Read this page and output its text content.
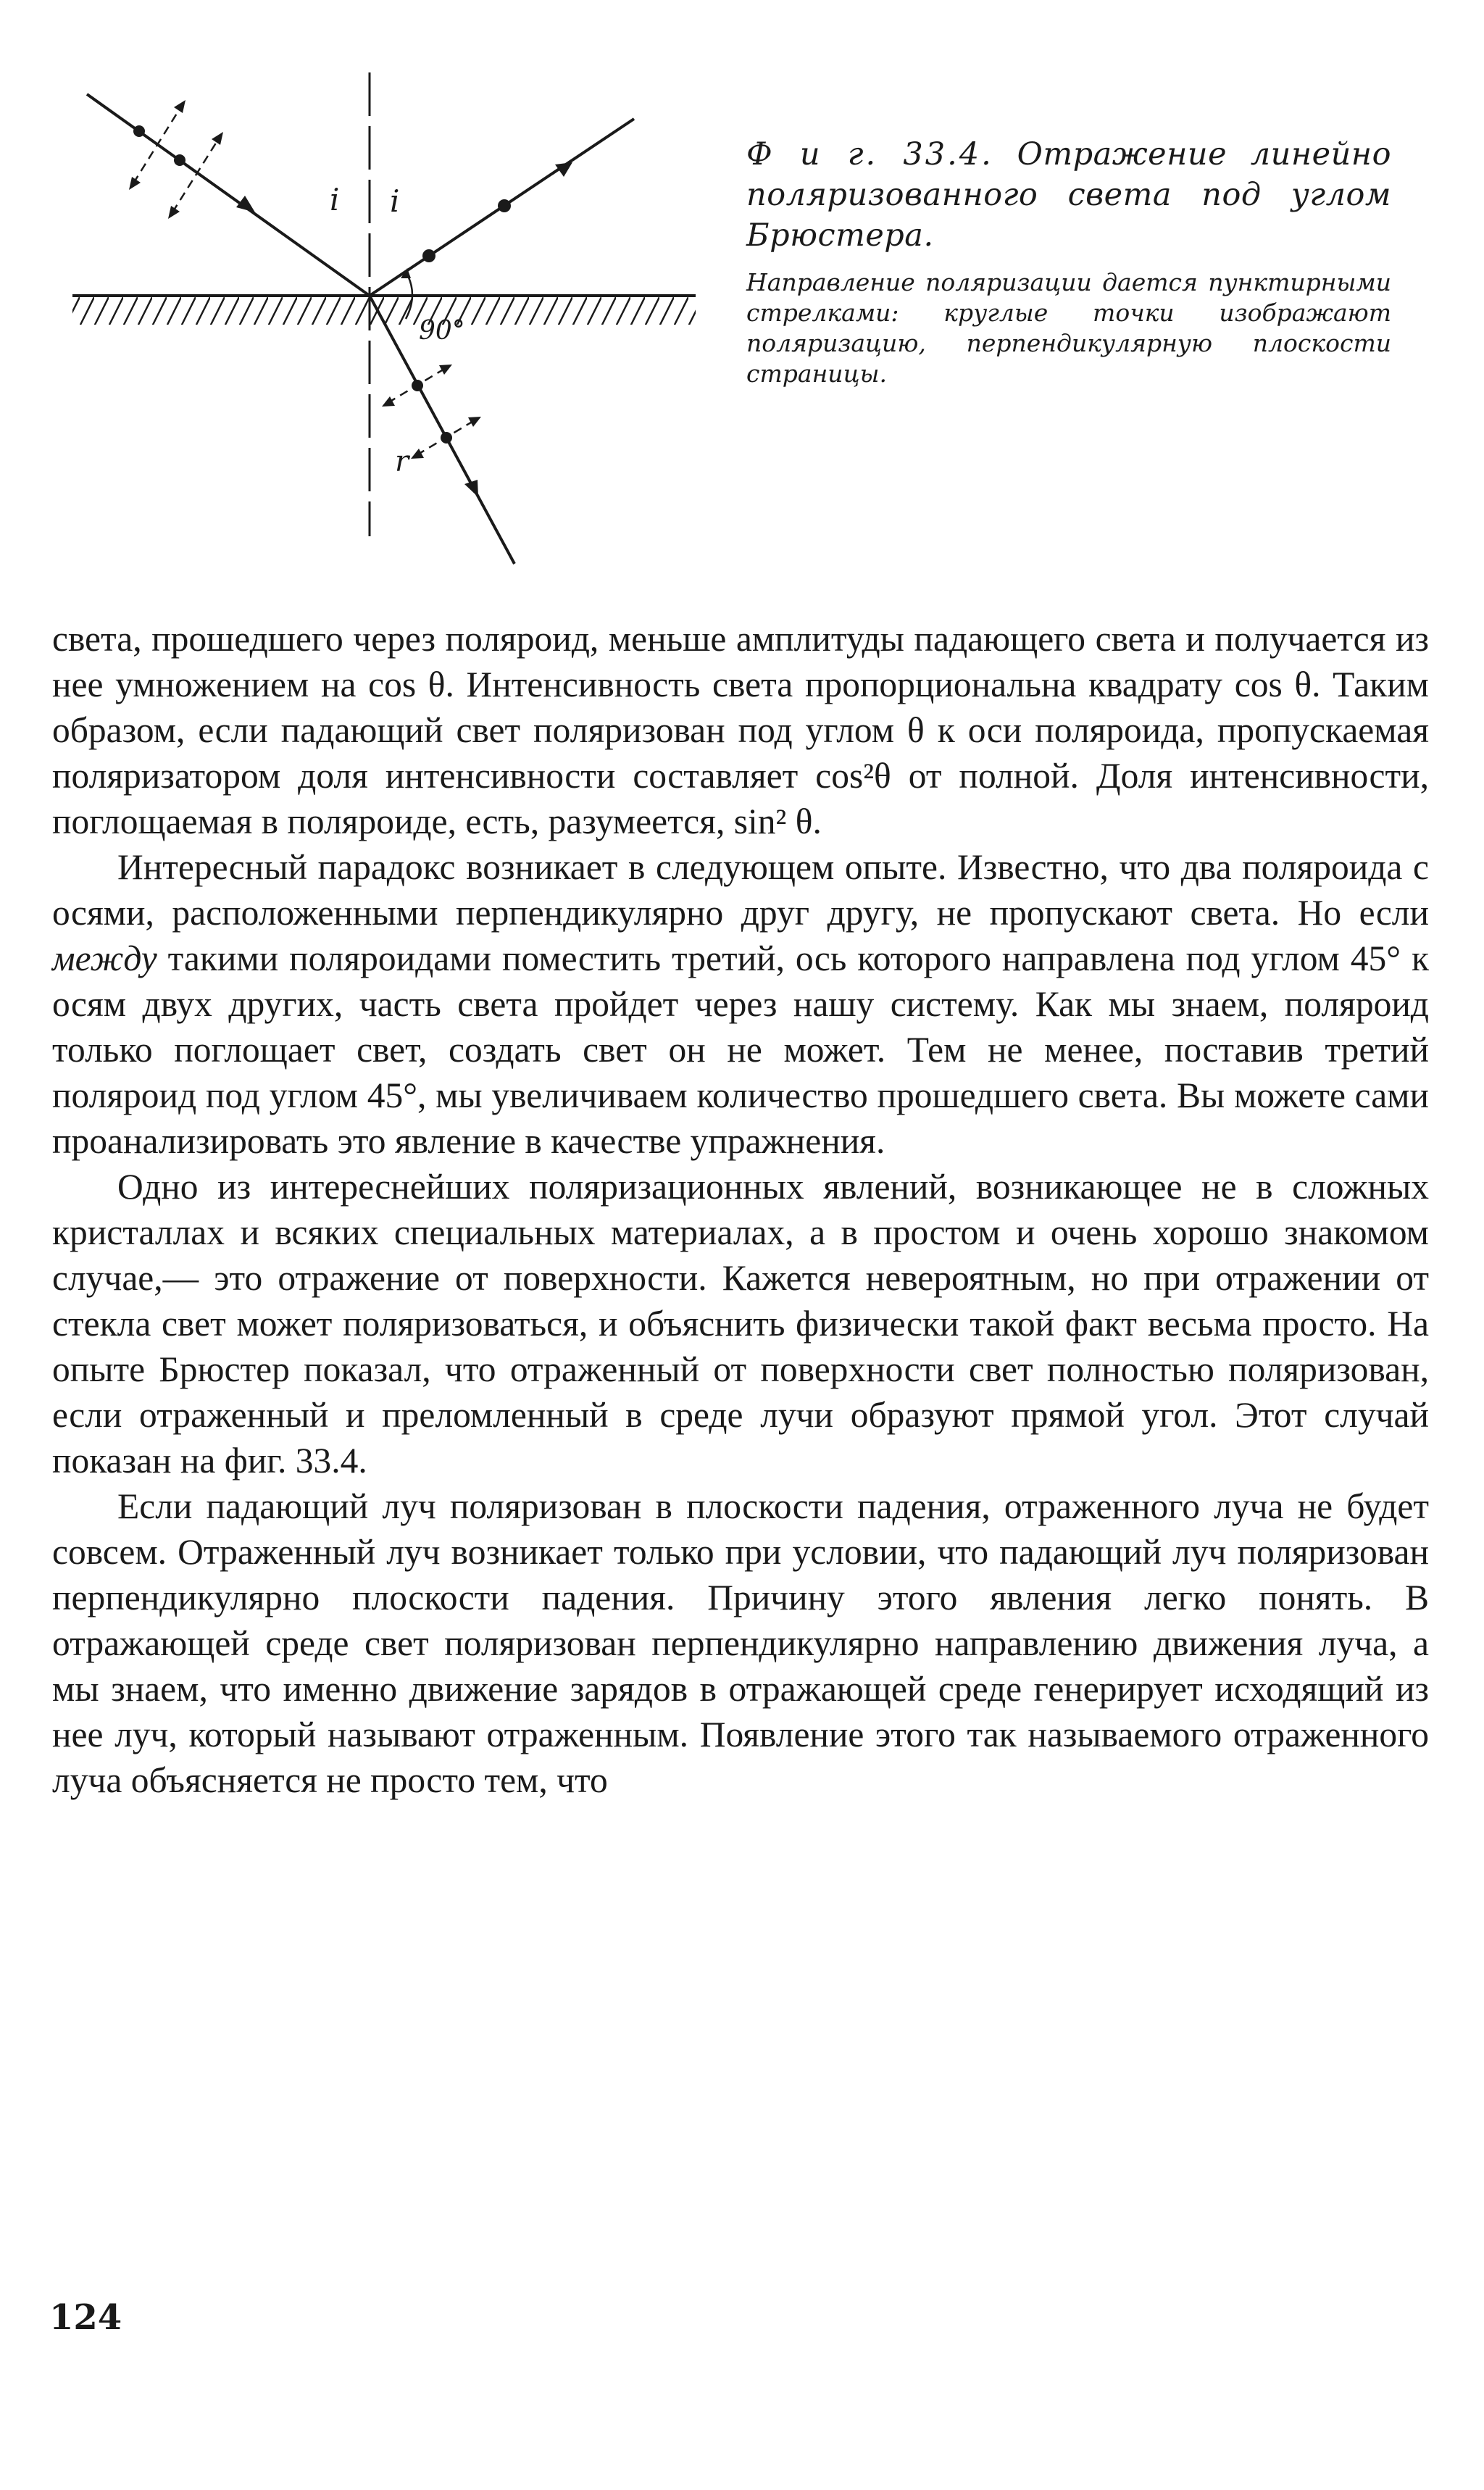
i i
r
90°
Ф и г. 33.4. Отражение линейно поляризованного света под углом Брюстера.
Направление поляризации дается пунктирными стрелками: круглые точки изображают поляризацию, перпендикулярную плоскости страницы.

света, прошедшего через поляроид, меньше амплитуды падающего света и получается из нее умножением на cos θ. Интенсивность света пропорциональна квадрату cos θ. Таким образом, если падающий свет поляризован под углом θ к оси поляроида, пропускаемая поляризатором доля интенсивности составляет cos²θ от полной. Доля интенсивности, поглощаемая в поляроиде, есть, разумеется, sin² θ.

Интересный парадокс возникает в следующем опыте. Известно, что два поляроида с осями, расположенными перпендикулярно друг другу, не пропускают света. Но если между такими поляроидами поместить третий, ось которого направлена под углом 45° к осям двух других, часть света пройдет через нашу систему. Как мы знаем, поляроид только поглощает свет, создать свет он не может. Тем не менее, поставив третий поляроид под углом 45°, мы увеличиваем количество прошедшего света. Вы можете сами проанализировать это явление в качестве упражнения.

Одно из интереснейших поляризационных явлений, возникающее не в сложных кристаллах и всяких специальных материалах, а в простом и очень хорошо знакомом случае,— это отражение от поверхности. Кажется невероятным, но при отражении от стекла свет может поляризоваться, и объяснить физически такой факт весьма просто. На опыте Брюстер показал, что отраженный от поверхности свет полностью поляризован, если отраженный и преломленный в среде лучи образуют прямой угол. Этот случай показан на фиг. 33.4.

Если падающий луч поляризован в плоскости падения, отраженного луча не будет совсем. Отраженный луч возникает только при условии, что падающий луч поляризован перпендикулярно плоскости падения. Причину этого явления легко понять. В отражающей среде свет поляризован перпендикулярно направлению движения луча, а мы знаем, что именно движение зарядов в отражающей среде генерирует исходящий из нее луч, который называют отраженным. Появление этого так называемого отраженного луча объясняется не просто тем, что

124
